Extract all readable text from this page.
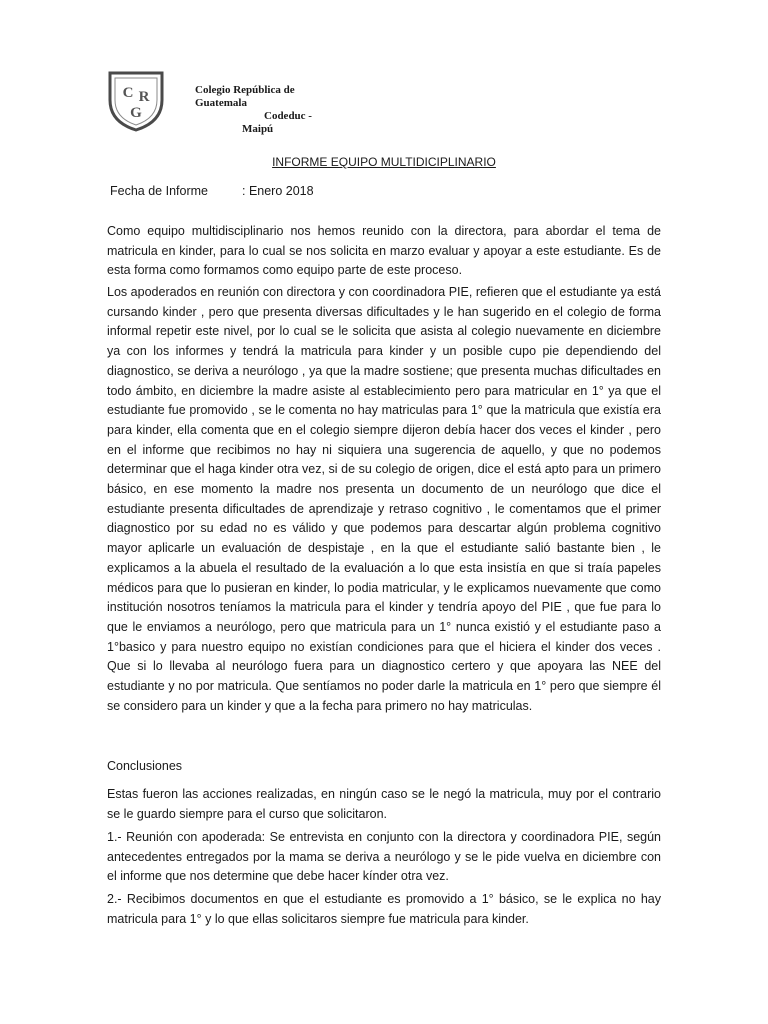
C R
G
Colegio República de
Guatemala
Codeduc -
Maipú
INFORME EQUIPO MULTIDICIPLINARIO
Fecha de Informe	: Enero 2018

Como equipo multidisciplinario nos hemos reunido con la directora, para abordar el tema de matricula en kinder, para lo cual se nos solicita en marzo evaluar y apoyar a este estudiante. Es de esta forma como formamos como equipo parte de este proceso.

Los apoderados en reunión con directora y con coordinadora PIE, refieren que el estudiante ya está cursando kinder , pero que presenta diversas dificultades y le han sugerido en el colegio de forma informal repetir este nivel, por lo cual se le solicita que asista al colegio nuevamente en diciembre ya con los informes y tendrá la matricula para kinder y un posible cupo pie dependiendo del diagnostico, se deriva a neurólogo , ya que la madre sostiene; que presenta muchas dificultades en todo ámbito, en diciembre la madre asiste al establecimiento pero para matricular en 1° ya que el estudiante fue promovido , se le comenta no hay matriculas para 1° que la matricula que existía era para kinder, ella comenta que en el colegio siempre dijeron debía hacer dos veces el kinder , pero en el informe que recibimos no hay ni siquiera una sugerencia de aquello, y que no podemos determinar que el haga kinder otra vez, si de su colegio de origen, dice el está apto para un primero básico, en ese momento la madre nos presenta un documento de un neurólogo que dice el estudiante presenta dificultades de aprendizaje y retraso cognitivo , le comentamos que el primer diagnostico por su edad no es válido y que podemos para descartar algún problema cognitivo mayor aplicarle un evaluación de despistaje , en la que el estudiante salió bastante bien , le explicamos a la abuela el resultado de la evaluación a lo que esta insistía en que si traía papeles médicos para que lo pusieran en kinder, lo podia matricular, y le explicamos nuevamente que como institución nosotros teníamos la matricula para el kinder y tendría apoyo del PIE , que fue para lo que le enviamos a neurólogo, pero que matricula para un 1° nunca existió y el estudiante paso a 1°basico y para nuestro equipo no existían condiciones para que el hiciera el kinder dos veces . Que si lo llevaba al neurólogo fuera para un diagnostico certero y que apoyara las NEE del estudiante y no por matricula. Que sentíamos no poder darle la matricula en 1° pero que siempre él se considero para un kinder y que a la fecha para primero no hay matriculas.

Conclusiones

Estas fueron las acciones realizadas, en ningún caso se le negó la matricula, muy por el contrario se le guardo siempre para el curso que solicitaron.

1.- Reunión con apoderada: Se entrevista en conjunto con la directora y coordinadora PIE, según antecedentes entregados por la mama se deriva a neurólogo y se le pide vuelva en diciembre con el informe que nos determine que debe hacer kínder otra vez.

2.- Recibimos documentos en que el estudiante es promovido a 1° básico, se le explica no hay matricula para 1° y lo que ellas solicitaros siempre fue matricula para kinder.
